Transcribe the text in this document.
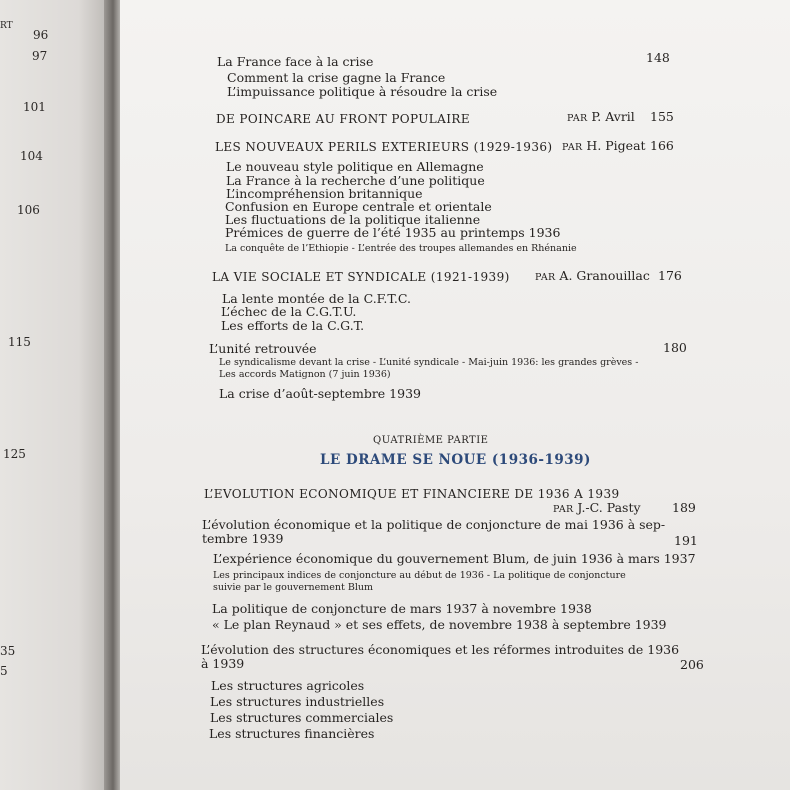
RT
96
97
101
104
106
115
125
35
5
La France face à la crise	148
Comment la crise gagne la France
L’impuissance politique à résoudre la crise
DE POINCARE AU FRONT POPULAIRE	PAR P. Avril 155
LES NOUVEAUX PERILS EXTERIEURS (1929-1936) PAR H. Pigeat 166
Le nouveau style politique en Allemagne
La France à la recherche d’une politique
L’incompréhension britannique
Confusion en Europe centrale et orientale
Les fluctuations de la politique italienne
Prémices de guerre de l’été 1935 au printemps 1936
La conquête de l’Ethiopie - L’entrée des troupes allemandes en Rhénanie
LA VIE SOCIALE ET SYNDICALE (1921-1939)	PAR A. Granouillac 176
La lente montée de la C.F.T.C.
L’échec de la C.G.T.U.
Les efforts de la C.G.T.
L’unité retrouvée	180
Le syndicalisme devant la crise - L’unité syndicale - Mai-juin 1936: les grandes grèves -
Les accords Matignon (7 juin 1936)
La crise d’août-septembre 1939
QUATRIÈME PARTIE
LE DRAME SE NOUE (1936-1939)
L’EVOLUTION ECONOMIQUE ET FINANCIERE DE 1936 A 1939
PAR J.-C. Pasty	189
L’évolution économique et la politique de conjoncture de mai 1936 à sep-
tembre 1939	191
L’expérience économique du gouvernement Blum, de juin 1936 à mars 1937
Les principaux indices de conjoncture au début de 1936 - La politique de conjoncture
suivie par le gouvernement Blum
La politique de conjoncture de mars 1937 à novembre 1938
« Le plan Reynaud » et ses effets, de novembre 1938 à septembre 1939
L’évolution des structures économiques et les réformes introduites de 1936
à 1939	206
Les structures agricoles
Les structures industrielles
Les structures commerciales
Les structures financières
